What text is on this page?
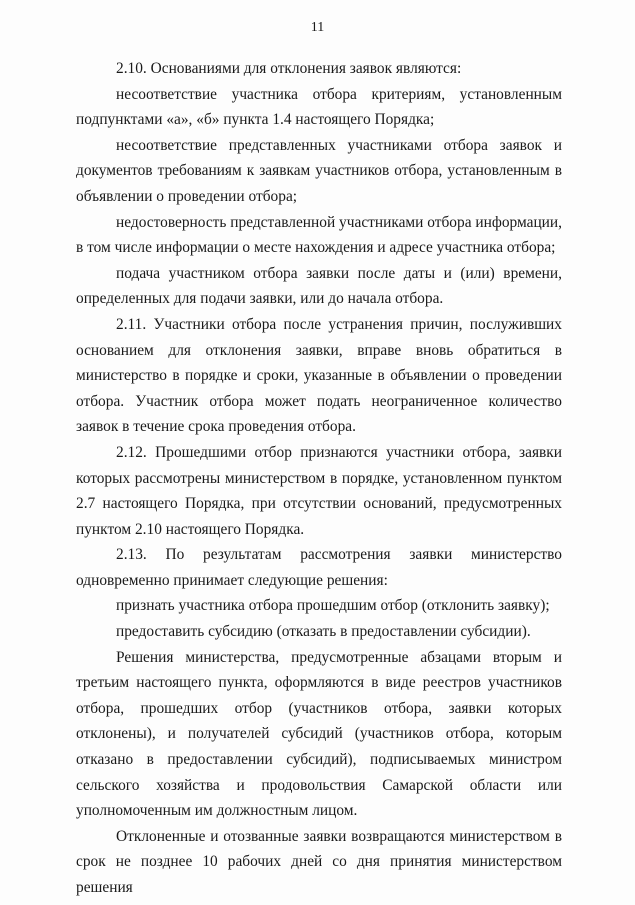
11

2.10. Основаниями для отклонения заявок являются:

несоответствие участника отбора критериям, установленным подпунктами «а», «б» пункта 1.4 настоящего Порядка;

несоответствие представленных участниками отбора заявок и документов требованиям к заявкам участников отбора, установленным в объявлении о проведении отбора;

недостоверность представленной участниками отбора информации, в том числе информации о месте нахождения и адресе участника отбора;

подача участником отбора заявки после даты и (или) времени, определенных для подачи заявки, или до начала отбора.

2.11. Участники отбора после устранения причин, послуживших основанием для отклонения заявки, вправе вновь обратиться в министерство в порядке и сроки, указанные в объявлении о проведении отбора. Участник отбора может подать неограниченное количество заявок в течение срока проведения отбора.

2.12. Прошедшими отбор признаются участники отбора, заявки которых рассмотрены министерством в порядке, установленном пунктом 2.7 настоящего Порядка, при отсутствии оснований, предусмотренных пунктом 2.10 настоящего Порядка.

2.13. По результатам рассмотрения заявки министерство одновременно принимает следующие решения:

признать участника отбора прошедшим отбор (отклонить заявку);

предоставить субсидию (отказать в предоставлении субсидии).

Решения министерства, предусмотренные абзацами вторым и третьим настоящего пункта, оформляются в виде реестров участников отбора, прошедших отбор (участников отбора, заявки которых отклонены), и получателей субсидий (участников отбора, которым отказано в предоставлении субсидий), подписываемых министром сельского хозяйства и продовольствия Самарской области или уполномоченным им должностным лицом.

Отклоненные и отозванные заявки возвращаются министерством в срок не позднее 10 рабочих дней со дня принятия министерством решения
